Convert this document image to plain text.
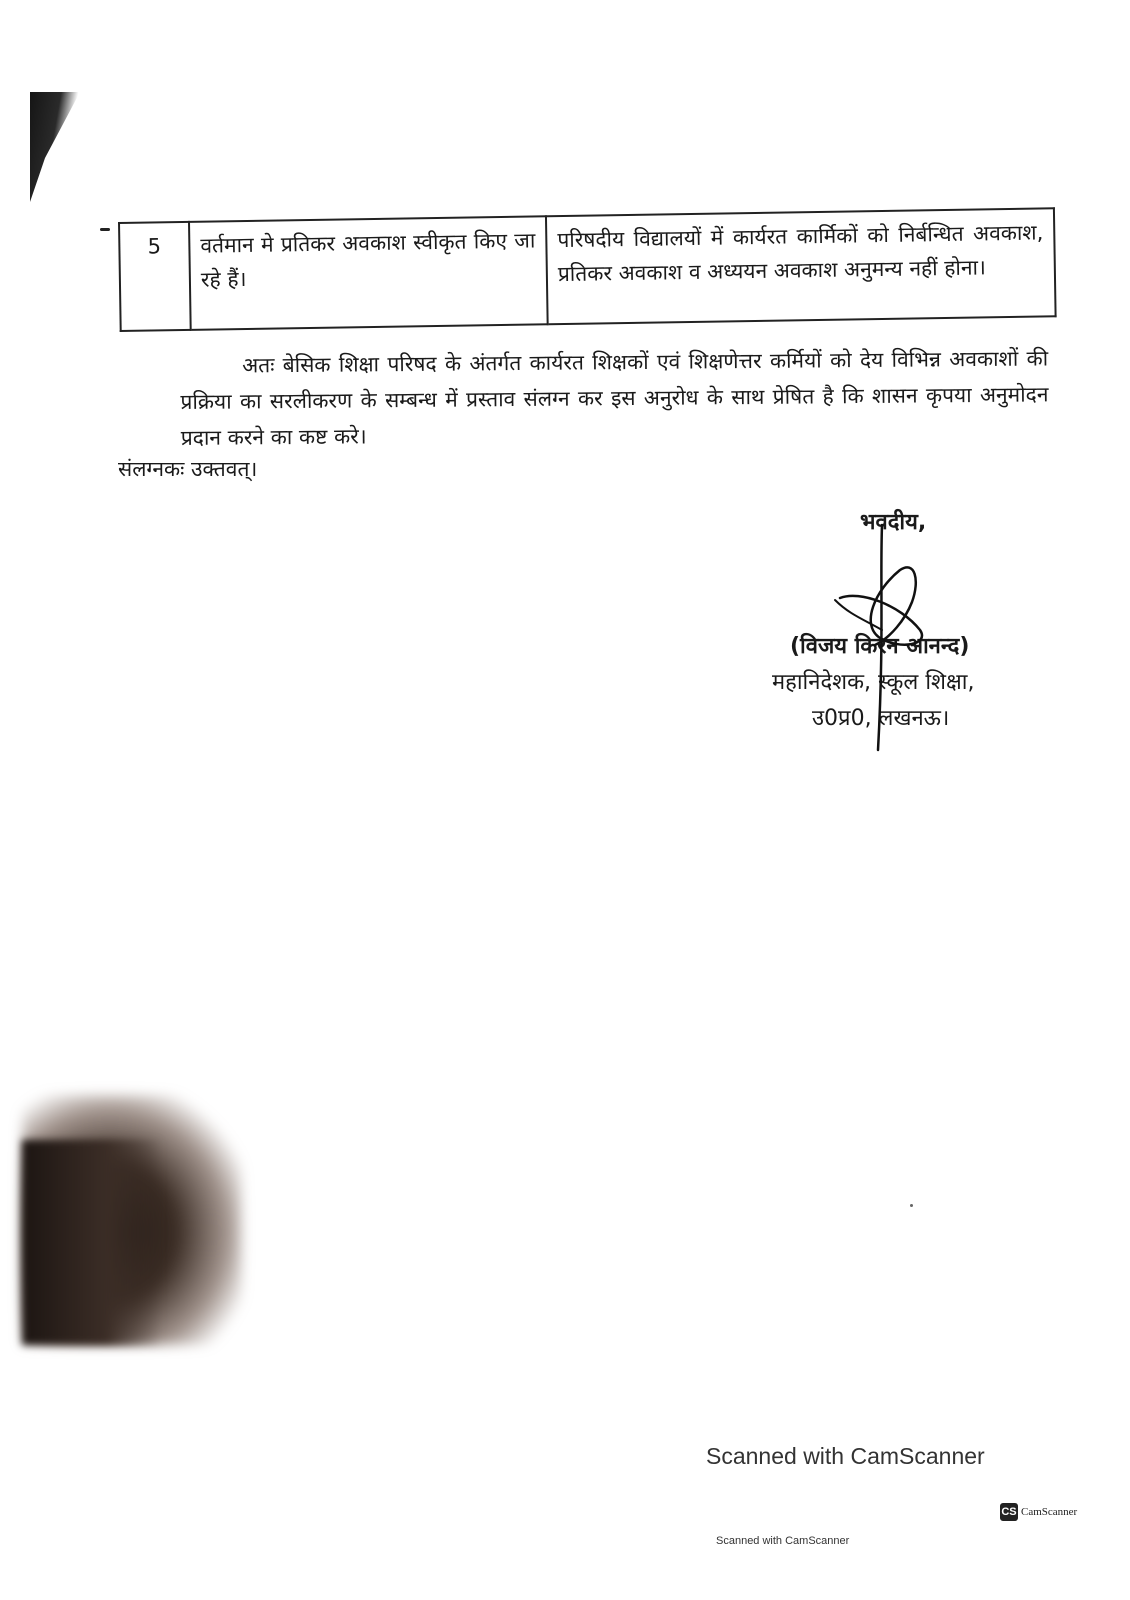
5	वर्तमान मे प्रतिकर अवकाश स्वीकृत किए जा रहे हैं।	परिषदीय विद्यालयों में कार्यरत कार्मिकों को निर्बन्धित अवकाश, प्रतिकर अवकाश व अध्ययन अवकाश अनुमन्य नहीं होना।
अतः बेसिक शिक्षा परिषद के अंतर्गत कार्यरत शिक्षकों एवं शिक्षणेत्तर कर्मियों को देय विभिन्न अवकाशों की प्रक्रिया का सरलीकरण के सम्बन्ध में प्रस्ताव संलग्न कर इस अनुरोध के साथ प्रेषित है कि शासन कृपया अनुमोदन प्रदान करने का कष्ट करे।
संलग्नकः उक्तवत्।
भवदीय,
(विजय किरन आनन्द)
महानिदेशक, स्कूल शिक्षा,
उ0प्र0, लखनऊ।
Scanned with CamScanner
CS CamScanner
Scanned with CamScanner
